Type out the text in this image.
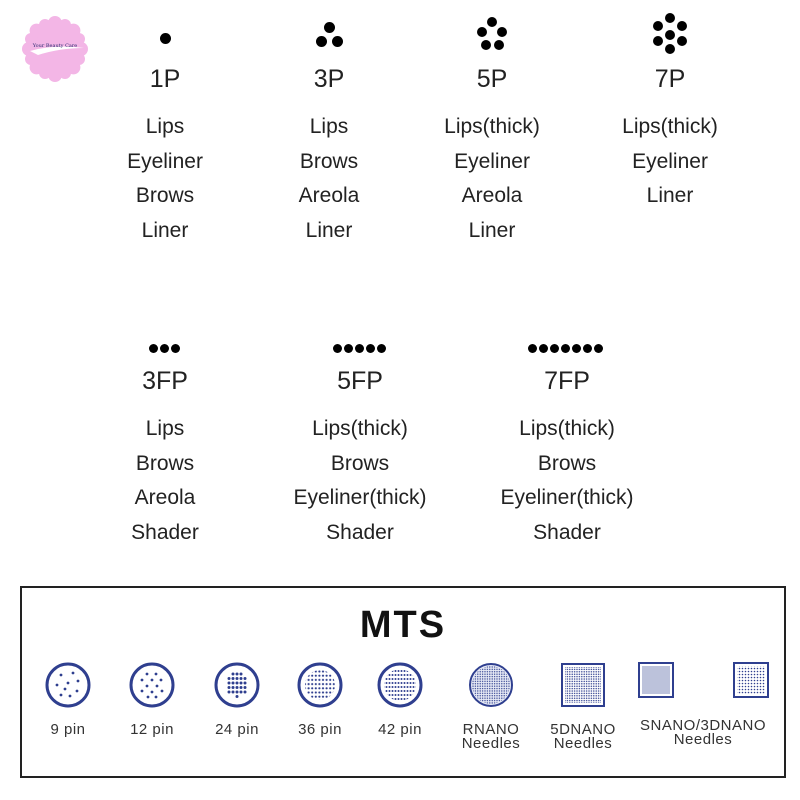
Your Beauty Care
1P
Lips
Eyeliner
Brows
Liner
3P
Lips
Brows
Areola
Liner
5P
Lips(thick)
Eyeliner
Areola
Liner
7P
Lips(thick)
Eyeliner
Liner
3FP
Lips
Brows
Areola
Shader
5FP
Lips(thick)
Brows
Eyeliner(thick)
Shader
7FP
Lips(thick)
Brows
Eyeliner(thick)
Shader
MTS
9 pin	12 pin	24 pin	36 pin	42 pin	RNANO
Needles
5DNANO
Needles
SNANO/3DNANO
Needles
